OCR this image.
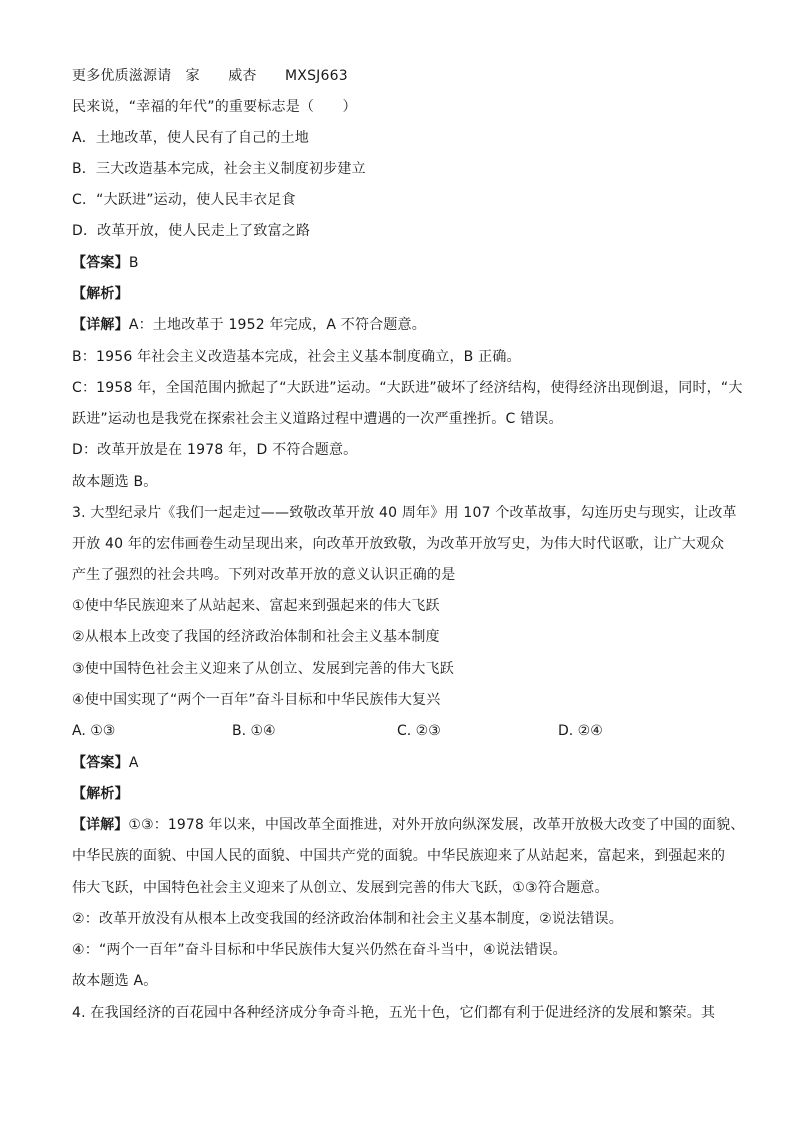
更多优质滋源请　家　　威杏　　MXSJ663
民来说，“幸福的年代”的重要标志是（　　）
A．土地改革，使人民有了自己的土地
B．三大改造基本完成，社会主义制度初步建立
C．“大跃进”运动，使人民丰衣足食
D．改革开放，使人民走上了致富之路
【答案】B
【解析】
【详解】A：土地改革于 1952 年完成，A 不符合题意。
B：1956 年社会主义改造基本完成，社会主义基本制度确立，B 正确。
C：1958 年，全国范围内掀起了“大跃进”运动。“大跃进”破坏了经济结构，使得经济出现倒退，同时，“大
跃进”运动也是我党在探索社会主义道路过程中遭遇的一次严重挫折。C 错误。
D：改革开放是在 1978 年，D 不符合题意。
故本题选 B。
3. 大型纪录片《我们一起走过——致敬改革开放 40 周年》用 107 个改革故事，勾连历史与现实，让改革
开放 40 年的宏伟画卷生动呈现出来，向改革开放致敬，为改革开放写史，为伟大时代讴歌，让广大观众
产生了强烈的社会共鸣。下列对改革开放的意义认识正确的是
①使中华民族迎来了从站起来、富起来到强起来的伟大飞跃
②从根本上改变了我国的经济政治体制和社会主义基本制度
③使中国特色社会主义迎来了从创立、发展到完善的伟大飞跃
④使中国实现了“两个一百年”奋斗目标和中华民族伟大复兴
A. ①③	B. ①④	C. ②③	D. ②④
【答案】A
【解析】
【详解】①③：1978 年以来，中国改革全面推进，对外开放向纵深发展，改革开放极大改变了中国的面貌、
中华民族的面貌、中国人民的面貌、中国共产党的面貌。中华民族迎来了从站起来，富起来，到强起来的
伟大飞跃，中国特色社会主义迎来了从创立、发展到完善的伟大飞跃，①③符合题意。
②：改革开放没有从根本上改变我国的经济政治体制和社会主义基本制度，②说法错误。
④：“两个一百年”奋斗目标和中华民族伟大复兴仍然在奋斗当中，④说法错误。
故本题选 A。
4. 在我国经济的百花园中各种经济成分争奇斗艳，五光十色，它们都有利于促进经济的发展和繁荣。其
